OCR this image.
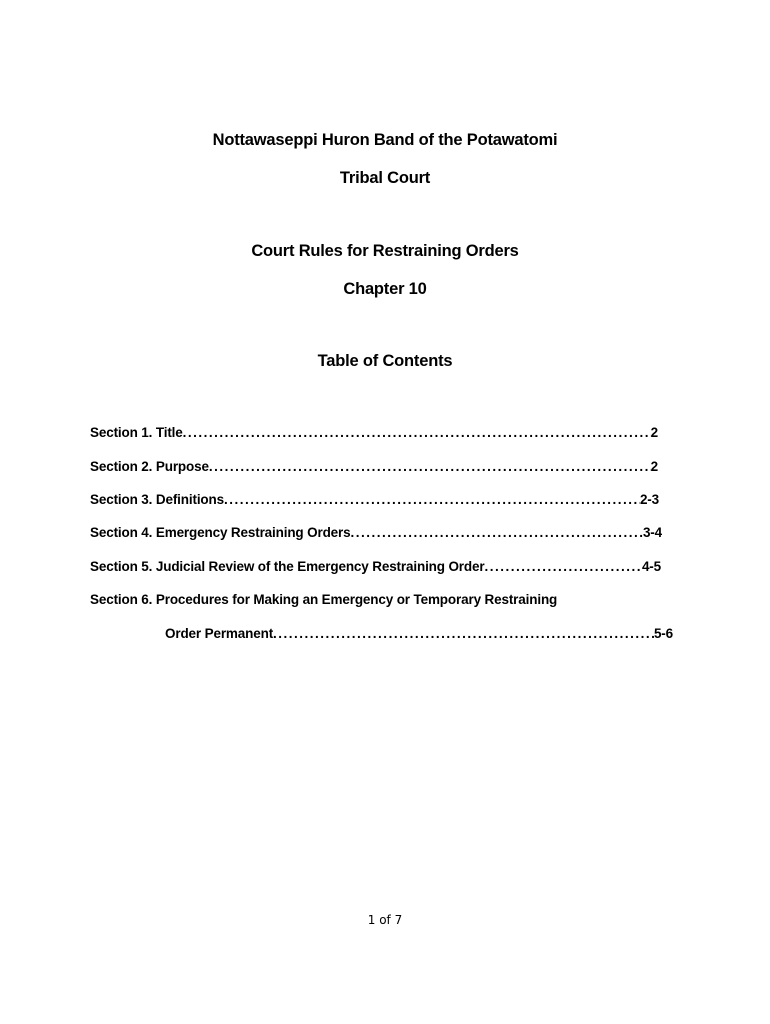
Nottawaseppi Huron Band of the Potawatomi
Tribal Court
Court Rules for Restraining Orders
Chapter 10
Table of Contents
Section 1. Title .....	2
Section 2. Purpose .....	2
Section 3. Definitions .....	2-3
Section 4. Emergency Restraining Orders .....	3-4
Section 5. Judicial Review of the Emergency Restraining Order .....	4-5
Section 6. Procedures for Making an Emergency or Temporary Restraining
Order Permanent .....	5-6
1 of 7
